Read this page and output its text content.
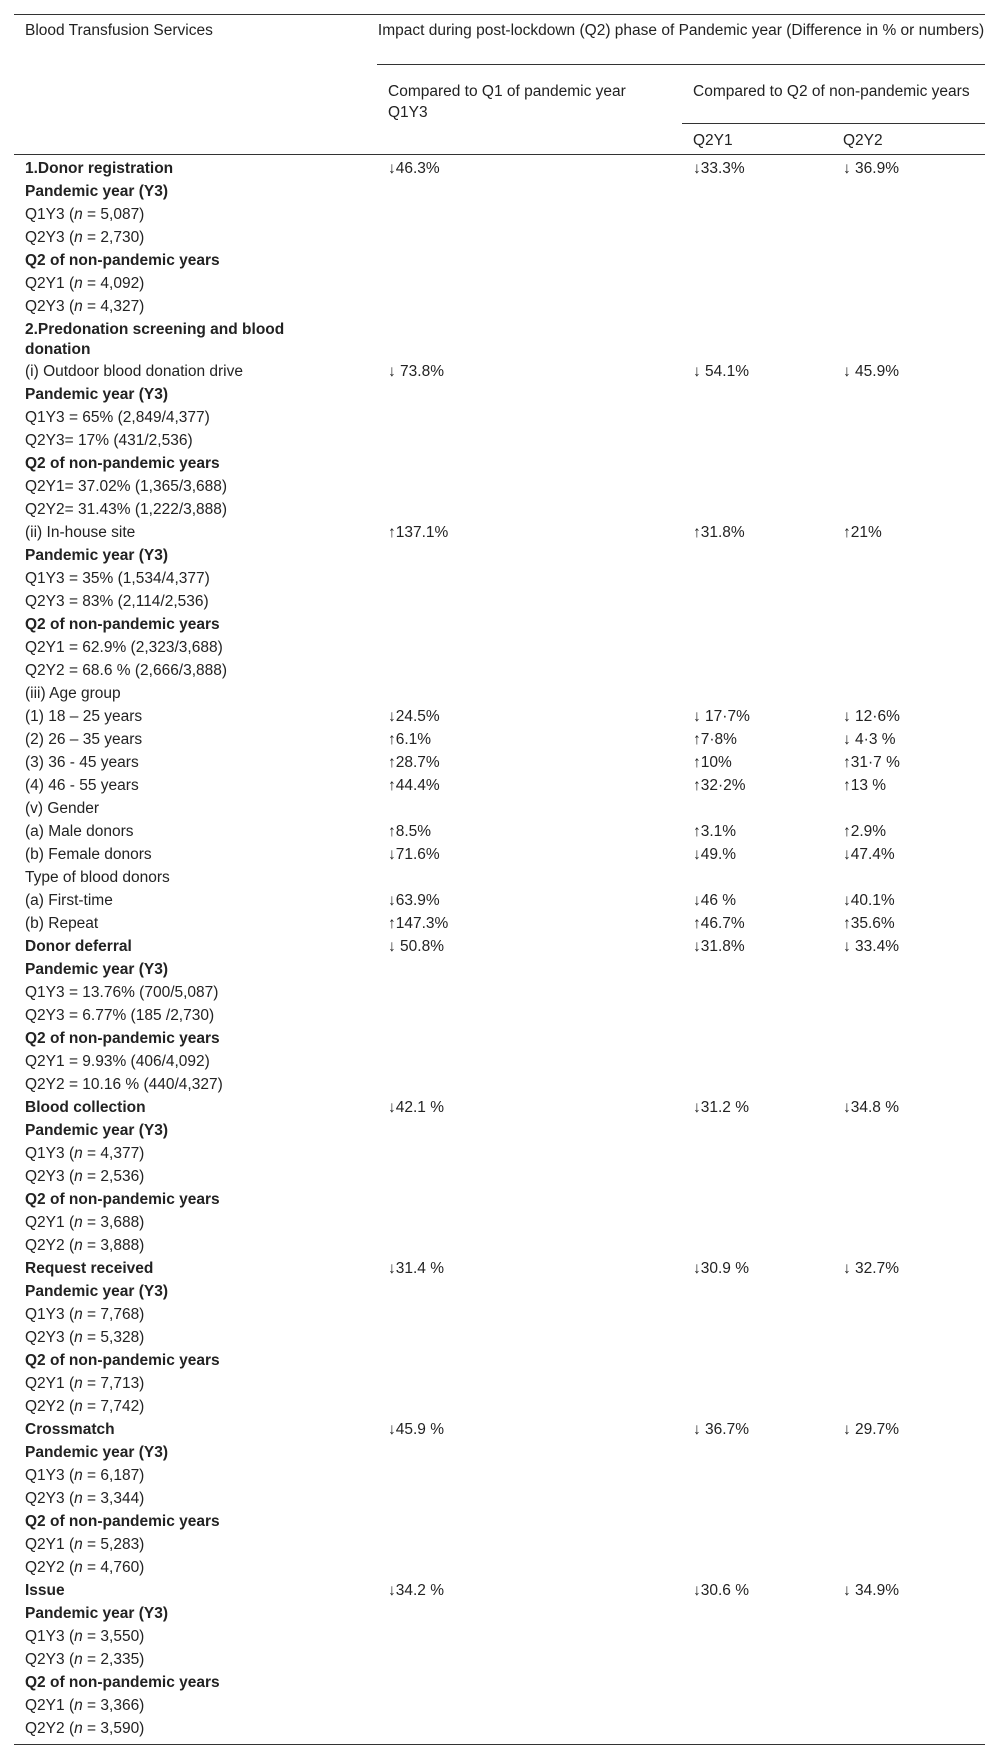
Blood Transfusion Services	Impact during post-lockdown (Q2) phase of Pandemic year (Difference in % or numbers)
Compared to Q1 of pandemic year Q1Y3
Compared to Q2 of non-pandemic years
Q2Y1	Q2Y2
1.Donor registration	↓46.3%	↓33.3%	↓ 36.9%
Pandemic year (Y3)
Q1Y3 (n = 5,087)
Q2Y3 (n = 2,730)
Q2 of non-pandemic years
Q2Y1 (n = 4,092)
Q2Y3 (n = 4,327)
2.Predonation screening and blood donation
(i) Outdoor blood donation drive	↓ 73.8%	↓ 54.1%	↓ 45.9%
Pandemic year (Y3)
Q1Y3 = 65% (2,849/4,377)
Q2Y3= 17% (431/2,536)
Q2 of non-pandemic years
Q2Y1= 37.02% (1,365/3,688)
Q2Y2= 31.43% (1,222/3,888)
(ii) In-house site	↑137.1%	↑31.8%	↑21%
Pandemic year (Y3)
Q1Y3 = 35% (1,534/4,377)
Q2Y3 = 83% (2,114/2,536)
Q2 of non-pandemic years
Q2Y1 = 62.9% (2,323/3,688)
Q2Y2 = 68.6 % (2,666/3,888)
(iii) Age group
(1) 18 – 25 years	↓24.5%	↓ 17·7%	↓ 12·6%
(2) 26 – 35 years	↑6.1%	↑7·8%	↓ 4·3 %
(3) 36 - 45 years	↑28.7%	↑10%	↑31·7 %
(4) 46 - 55 years	↑44.4%	↑32·2%	↑13 %
(v) Gender
(a) Male donors	↑8.5%	↑3.1%	↑2.9%
(b) Female donors	↓71.6%	↓49.%	↓47.4%
Type of blood donors
(a) First-time	↓63.9%	↓46 %	↓40.1%
(b) Repeat	↑147.3%	↑46.7%	↑35.6%
Donor deferral	↓ 50.8%	↓31.8%	↓ 33.4%
Pandemic year (Y3)
Q1Y3 = 13.76% (700/5,087)
Q2Y3 = 6.77% (185 /2,730)
Q2 of non-pandemic years
Q2Y1 = 9.93% (406/4,092)
Q2Y2 = 10.16 % (440/4,327)
Blood collection	↓42.1 %	↓31.2 %	↓34.8 %
Pandemic year (Y3)
Q1Y3 (n = 4,377)
Q2Y3 (n = 2,536)
Q2 of non-pandemic years
Q2Y1 (n = 3,688)
Q2Y2 (n = 3,888)
Request received	↓31.4 %	↓30.9 %	↓ 32.7%
Pandemic year (Y3)
Q1Y3 (n = 7,768)
Q2Y3 (n = 5,328)
Q2 of non-pandemic years
Q2Y1 (n = 7,713)
Q2Y2 (n = 7,742)
Crossmatch	↓45.9 %	↓ 36.7%	↓ 29.7%
Pandemic year (Y3)
Q1Y3 (n = 6,187)
Q2Y3 (n = 3,344)
Q2 of non-pandemic years
Q2Y1 (n = 5,283)
Q2Y2 (n = 4,760)
Issue	↓34.2 %	↓30.6 %	↓ 34.9%
Pandemic year (Y3)
Q1Y3 (n = 3,550)
Q2Y3 (n = 2,335)
Q2 of non-pandemic years
Q2Y1 (n = 3,366)
Q2Y2 (n = 3,590)
